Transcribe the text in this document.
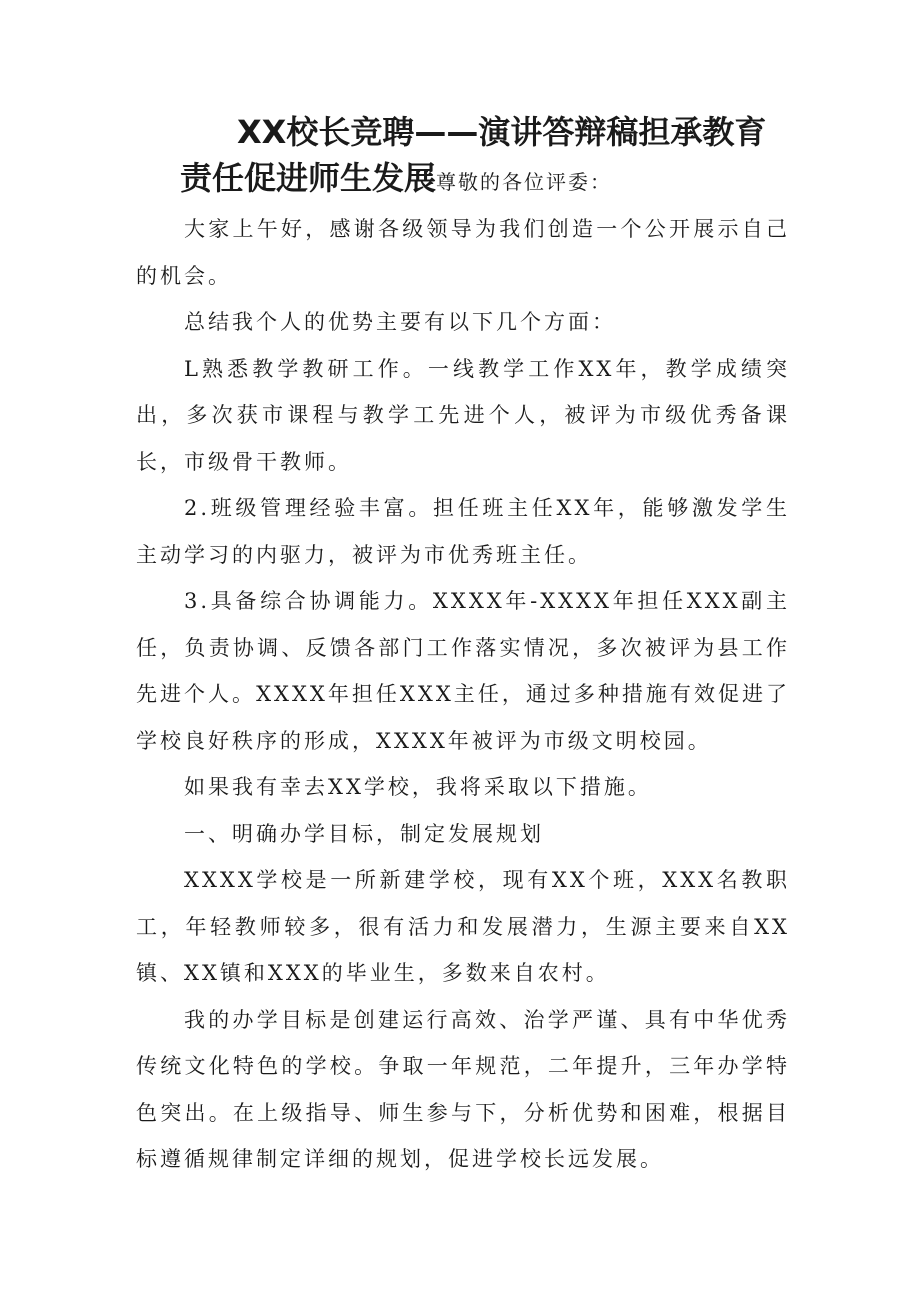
XX校长竞聘——演讲答辩稿担承教育
责任促进师生发展尊敬的各位评委：

大家上午好，感谢各级领导为我们创造一个公开展示自己的机会。

总结我个人的优势主要有以下几个方面：

L熟悉教学教研工作。一线教学工作XX年，教学成绩突出，多次获市课程与教学工先进个人，被评为市级优秀备课长，市级骨干教师。

2.班级管理经验丰富。担任班主任XX年，能够激发学生主动学习的内驱力，被评为市优秀班主任。

3.具备综合协调能力。XXXX年-XXXX年担任XXX副主任，负责协调、反馈各部门工作落实情况，多次被评为县工作先进个人。XXXX年担任XXX主任，通过多种措施有效促进了学校良好秩序的形成，XXXX年被评为市级文明校园。

如果我有幸去XX学校，我将采取以下措施。

一、明确办学目标，制定发展规划

XXXX学校是一所新建学校，现有XX个班，XXX名教职工，年轻教师较多，很有活力和发展潜力，生源主要来自XX镇、XX镇和XXX的毕业生，多数来自农村。

我的办学目标是创建运行高效、治学严谨、具有中华优秀传统文化特色的学校。争取一年规范，二年提升，三年办学特色突出。在上级指导、师生参与下，分析优势和困难，根据目标遵循规律制定详细的规划，促进学校长远发展。
